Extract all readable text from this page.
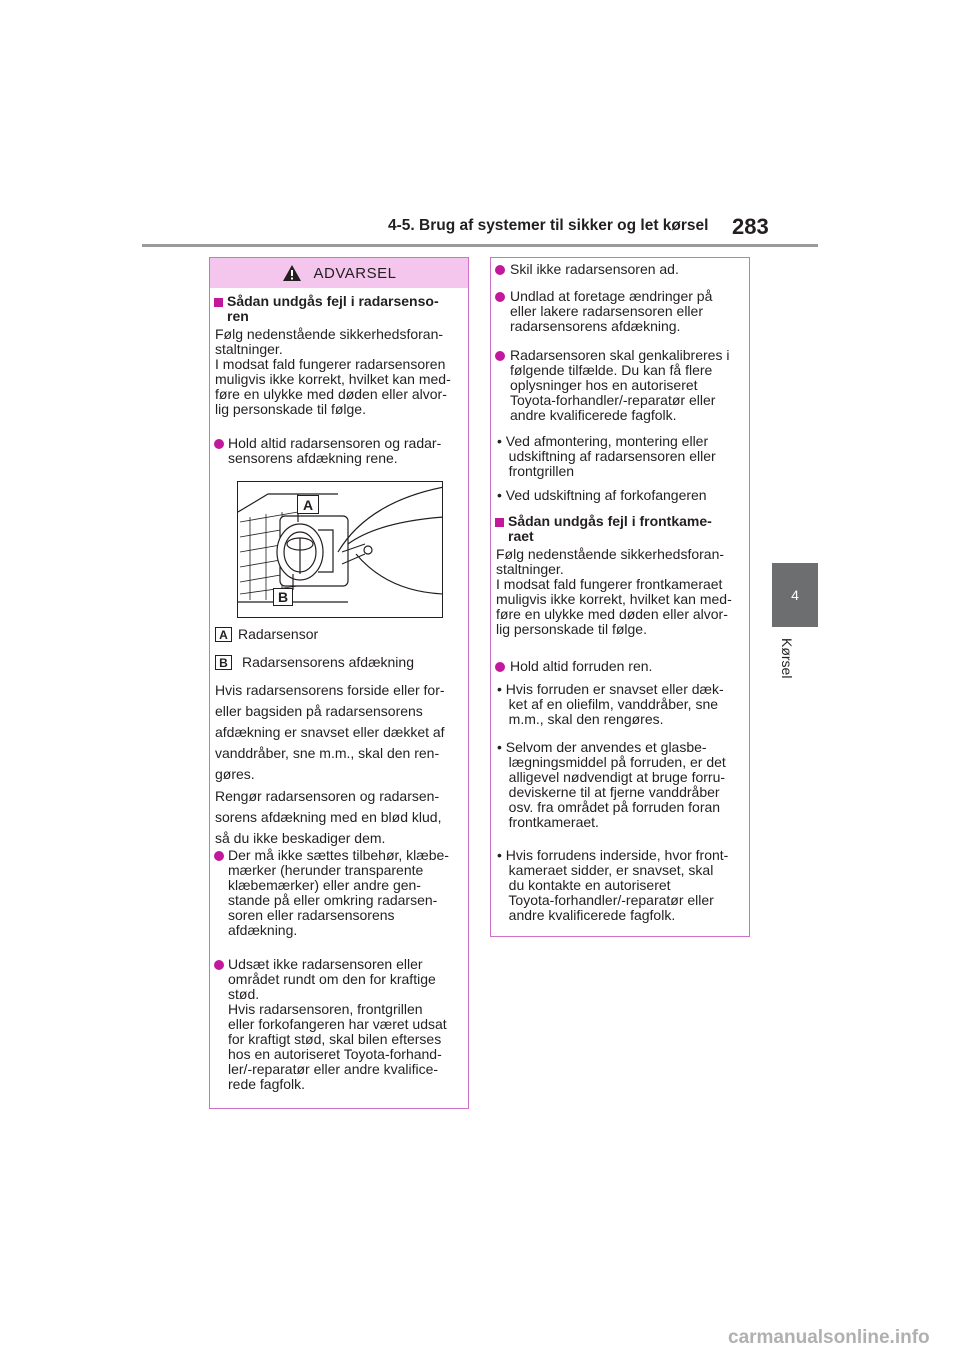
4-5. Brug af systemer til sikker og let kørsel 283
4
Kørsel
ADVARSEL
Sådan undgås fejl i radarsenso-
ren
Følg nedenstående sikkerhedsforan-
staltninger.
I modsat fald fungerer radarsensoren
muligvis ikke korrekt, hvilket kan med-
føre en ulykke med døden eller alvor-
lig personskade til følge.
Hold altid radarsensoren og radar-
sensorens afdækning rene.
A
B
A Radarsensor
B Radarsensorens afdækning
Hvis radarsensorens forside eller for-
eller bagsiden på radarsensorens
afdækning er snavset eller dækket af
vanddråber, sne m.m., skal den ren-
gøres.
Rengør radarsensoren og radarsen-
sorens afdækning med en blød klud,
så du ikke beskadiger dem.
Der må ikke sættes tilbehør, klæbe-
mærker (herunder transparente
klæbemærker) eller andre gen-
stande på eller omkring radarsen-
soren eller radarsensorens
afdækning.
Udsæt ikke radarsensoren eller
området rundt om den for kraftige
stød.
Hvis radarsensoren, frontgrillen
eller forkofangeren har været udsat
for kraftigt stød, skal bilen efterses
hos en autoriseret Toyota-forhand-
ler/-reparatør eller andre kvalifice-
rede fagfolk.
Skil ikke radarsensoren ad.
Undlad at foretage ændringer på
eller lakere radarsensoren eller
radarsensorens afdækning.
Radarsensoren skal genkalibreres i
følgende tilfælde. Du kan få flere
oplysninger hos en autoriseret
Toyota-forhandler/-reparatør eller
andre kvalificerede fagfolk.
• Ved afmontering, montering eller
udskiftning af radarsensoren eller
frontgrillen
• Ved udskiftning af forkofangeren
Sådan undgås fejl i frontkame-
raet
Følg nedenstående sikkerhedsforan-
staltninger.
I modsat fald fungerer frontkameraet
muligvis ikke korrekt, hvilket kan med-
føre en ulykke med døden eller alvor-
lig personskade til følge.
Hold altid forruden ren.
• Hvis forruden er snavset eller dæk-
ket af en oliefilm, vanddråber, sne
m.m., skal den rengøres.
• Selvom der anvendes et glasbe-
lægningsmiddel på forruden, er det
alligevel nødvendigt at bruge forru-
deviskerne til at fjerne vanddråber
osv. fra området på forruden foran
frontkameraet.
• Hvis forrudens inderside, hvor front-
kameraet sidder, er snavset, skal
du kontakte en autoriseret
Toyota-forhandler/-reparatør eller
andre kvalificerede fagfolk.
carmanualsonline.info
